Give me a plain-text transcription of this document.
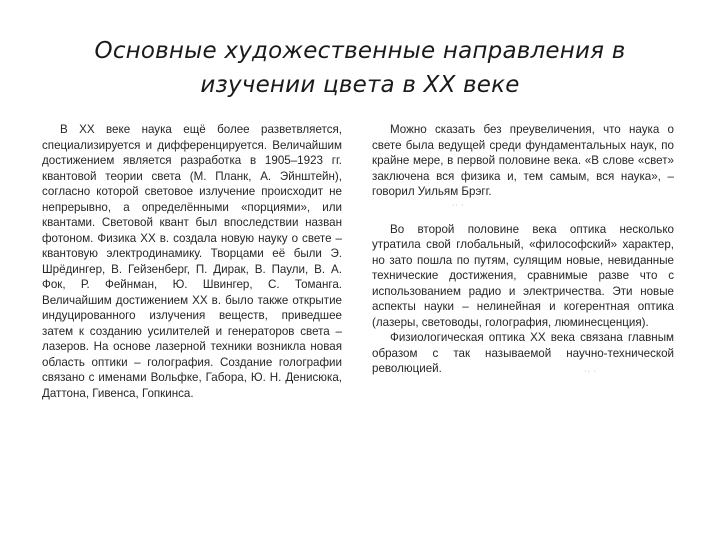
Основные художественные направления в
изучении цвета в XX веке

В XX веке наука ещё более разветвляется, специализируется и дифференцируется. Величайшим достижением является разработка в 1905–1923 гг. квантовой теории света (М. Планк, А. Эйнштейн), согласно которой световое излучение происходит не непрерывно, а определёнными «порциями», или квантами. Световой квант был впоследствии назван фотоном. Физика XX в. создала новую науку о свете – квантовую электродинамику. Творцами её были Э. Шрёдингер, В. Гейзенберг, П. Дирак, В. Паули, В. А. Фок, Р. Фейнман, Ю. Швингер, С. Томанга. Величайшим достижением XX в. было также открытие индуцированного излучения веществ, приведшее затем к созданию усилителей и генераторов света – лазеров. На основе лазерной техники возникла новая область оптики – голография. Создание голографии связано с именами Вольфке, Габора, Ю. Н. Денисюка, Даттона, Гивенса, Гопкинса.

Можно сказать без преувеличения, что наука о свете была ведущей среди фундаментальных наук, по крайне мере, в первой половине века. «В слове «свет» заключена вся физика и, тем самым, вся наука», – говорил Уильям Брэгг.

Во второй половине века оптика несколько утратила свой глобальный, «философский» характер, но зато пошла по путям, сулящим новые, невиданные технические достижения, сравнимые разве что с использованием радио и электричества. Эти новые аспекты науки – нелинейная и когерентная оптика (лазеры, световоды, голография, люминесценция).

Физиологическая оптика XX века связана главным образом с так называемой научно-технической революцией.

·· ·
·· ·
